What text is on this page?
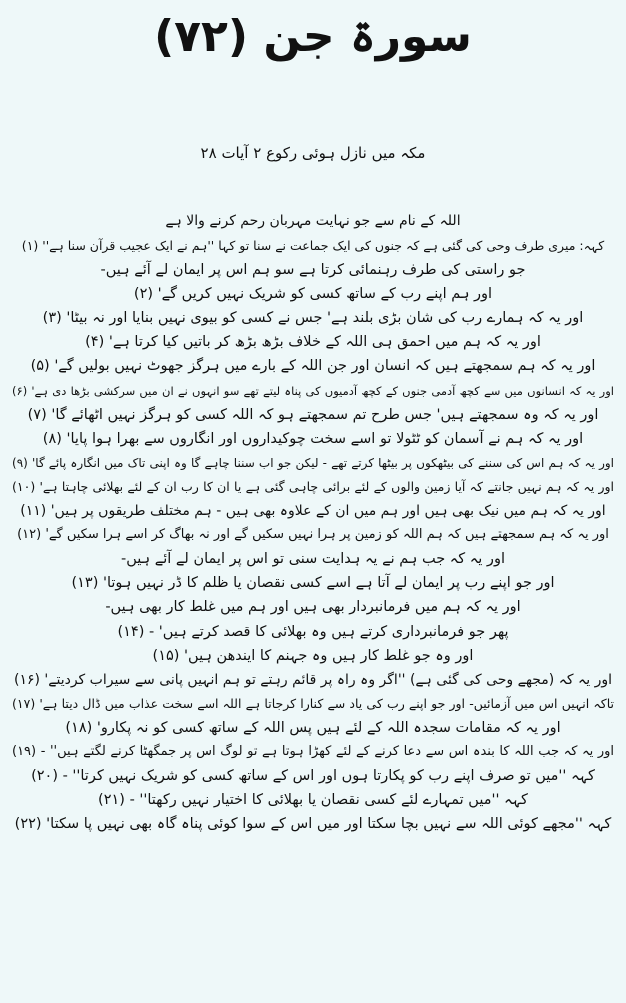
سورۃ جن (۷۲)
مکہ میں نازل ہوئی رکوع ۲ آیات ۲۸
اللہ کے نام سے جو نہایت مہربان رحم کرنے والا ہے
کہہ: میری طرف وحی کی گئی ہے کہ جنوں کی ایک جماعت نے سنا تو کہا ''ہم نے ایک عجیب قرآن سنا ہے'' (۱)
جو راستی کی طرف رہنمائی کرتا ہے سو ہم اس پر ایمان لے آئے ہیں-
اور ہم اپنے رب کے ساتھ کسی کو شریک نہیں کریں گے' (۲)
اور یہ کہ ہمارے رب کی شان بڑی بلند ہے' جس نے کسی کو بیوی نہیں بنایا اور نہ بیٹا' (۳)
اور یہ کہ ہم میں احمق ہی اللہ کے خلاف بڑھ بڑھ کر باتیں کیا کرتا ہے' (۴)
اور یہ کہ ہم سمجھتے ہیں کہ انسان اور جن اللہ کے بارے میں ہرگز جھوٹ نہیں بولیں گے' (۵)
اور یہ کہ انسانوں میں سے کچھ آدمی جنوں کے کچھ آدمیوں کی پناہ لیتے تھے سو انہوں نے ان میں سرکشی بڑھا دی ہے' (۶)
اور یہ کہ وہ سمجھتے ہیں' جس طرح تم سمجھتے ہو کہ اللہ کسی کو ہرگز نہیں اٹھائے گا' (۷)
اور یہ کہ ہم نے آسمان کو ٹٹولا تو اسے سخت چوکیداروں اور انگاروں سے بھرا ہوا پایا' (۸)
اور یہ کہ ہم اس کی سننے کی بیٹھکوں پر بیٹھا کرتے تھے - لیکن جو اب سننا چاہے گا وہ اپنی تاک میں انگارہ پائے گا' (۹)
اور یہ کہ ہم نہیں جانتے کہ آیا زمین والوں کے لئے برائی چاہی گئی ہے یا ان کا رب ان کے لئے بھلائی چاہتا ہے' (۱۰)
اور یہ کہ ہم میں نیک بھی ہیں اور ہم میں ان کے علاوہ بھی ہیں - ہم مختلف طریقوں پر ہیں' (۱۱)
اور یہ کہ ہم سمجھتے ہیں کہ ہم اللہ کو زمین پر ہرا نہیں سکیں گے اور نہ بھاگ کر اسے ہرا سکیں گے' (۱۲)
اور یہ کہ جب ہم نے یہ ہدایت سنی تو اس پر ایمان لے آئے ہیں-
اور جو اپنے رب پر ایمان لے آتا ہے اسے کسی نقصان یا ظلم کا ڈر نہیں ہوتا' (۱۳)
اور یہ کہ ہم میں فرمانبردار بھی ہیں اور ہم میں غلط کار بھی ہیں-
پھر جو فرمانبرداری کرتے ہیں وہ بھلائی کا قصد کرتے ہیں' - (۱۴)
اور وہ جو غلط کار ہیں وہ جہنم کا ایندھن ہیں' (۱۵)
اور یہ کہ (مجھے وحی کی گئی ہے) ''اگر وہ راہ پر قائم رہتے تو ہم انہیں پانی سے سیراب کردیتے' (۱۶)
تاکہ انہیں اس میں آزمائیں- اور جو اپنے رب کی یاد سے کنارا کرجاتا ہے اللہ اسے سخت عذاب میں ڈال دیتا ہے' (۱۷)
اور یہ کہ مقامات سجدہ اللہ کے لئے ہیں پس اللہ کے ساتھ کسی کو نہ پکارو' (۱۸)
اور یہ کہ جب اللہ کا بندہ اس سے دعا کرنے کے لئے کھڑا ہوتا ہے تو لوگ اس پر جمگھٹا کرنے لگتے ہیں'' - (۱۹)
کہہ ''میں تو صرف اپنے رب کو پکارتا ہوں اور اس کے ساتھ کسی کو شریک نہیں کرتا'' - (۲۰)
کہہ ''میں تمہارے لئے کسی نقصان یا بھلائی کا اختیار نہیں رکھتا'' - (۲۱)
کہہ ''مجھے کوئی اللہ سے نہیں بچا سکتا اور میں اس کے سوا کوئی پناہ گاہ بھی نہیں پا سکتا' (۲۲)
